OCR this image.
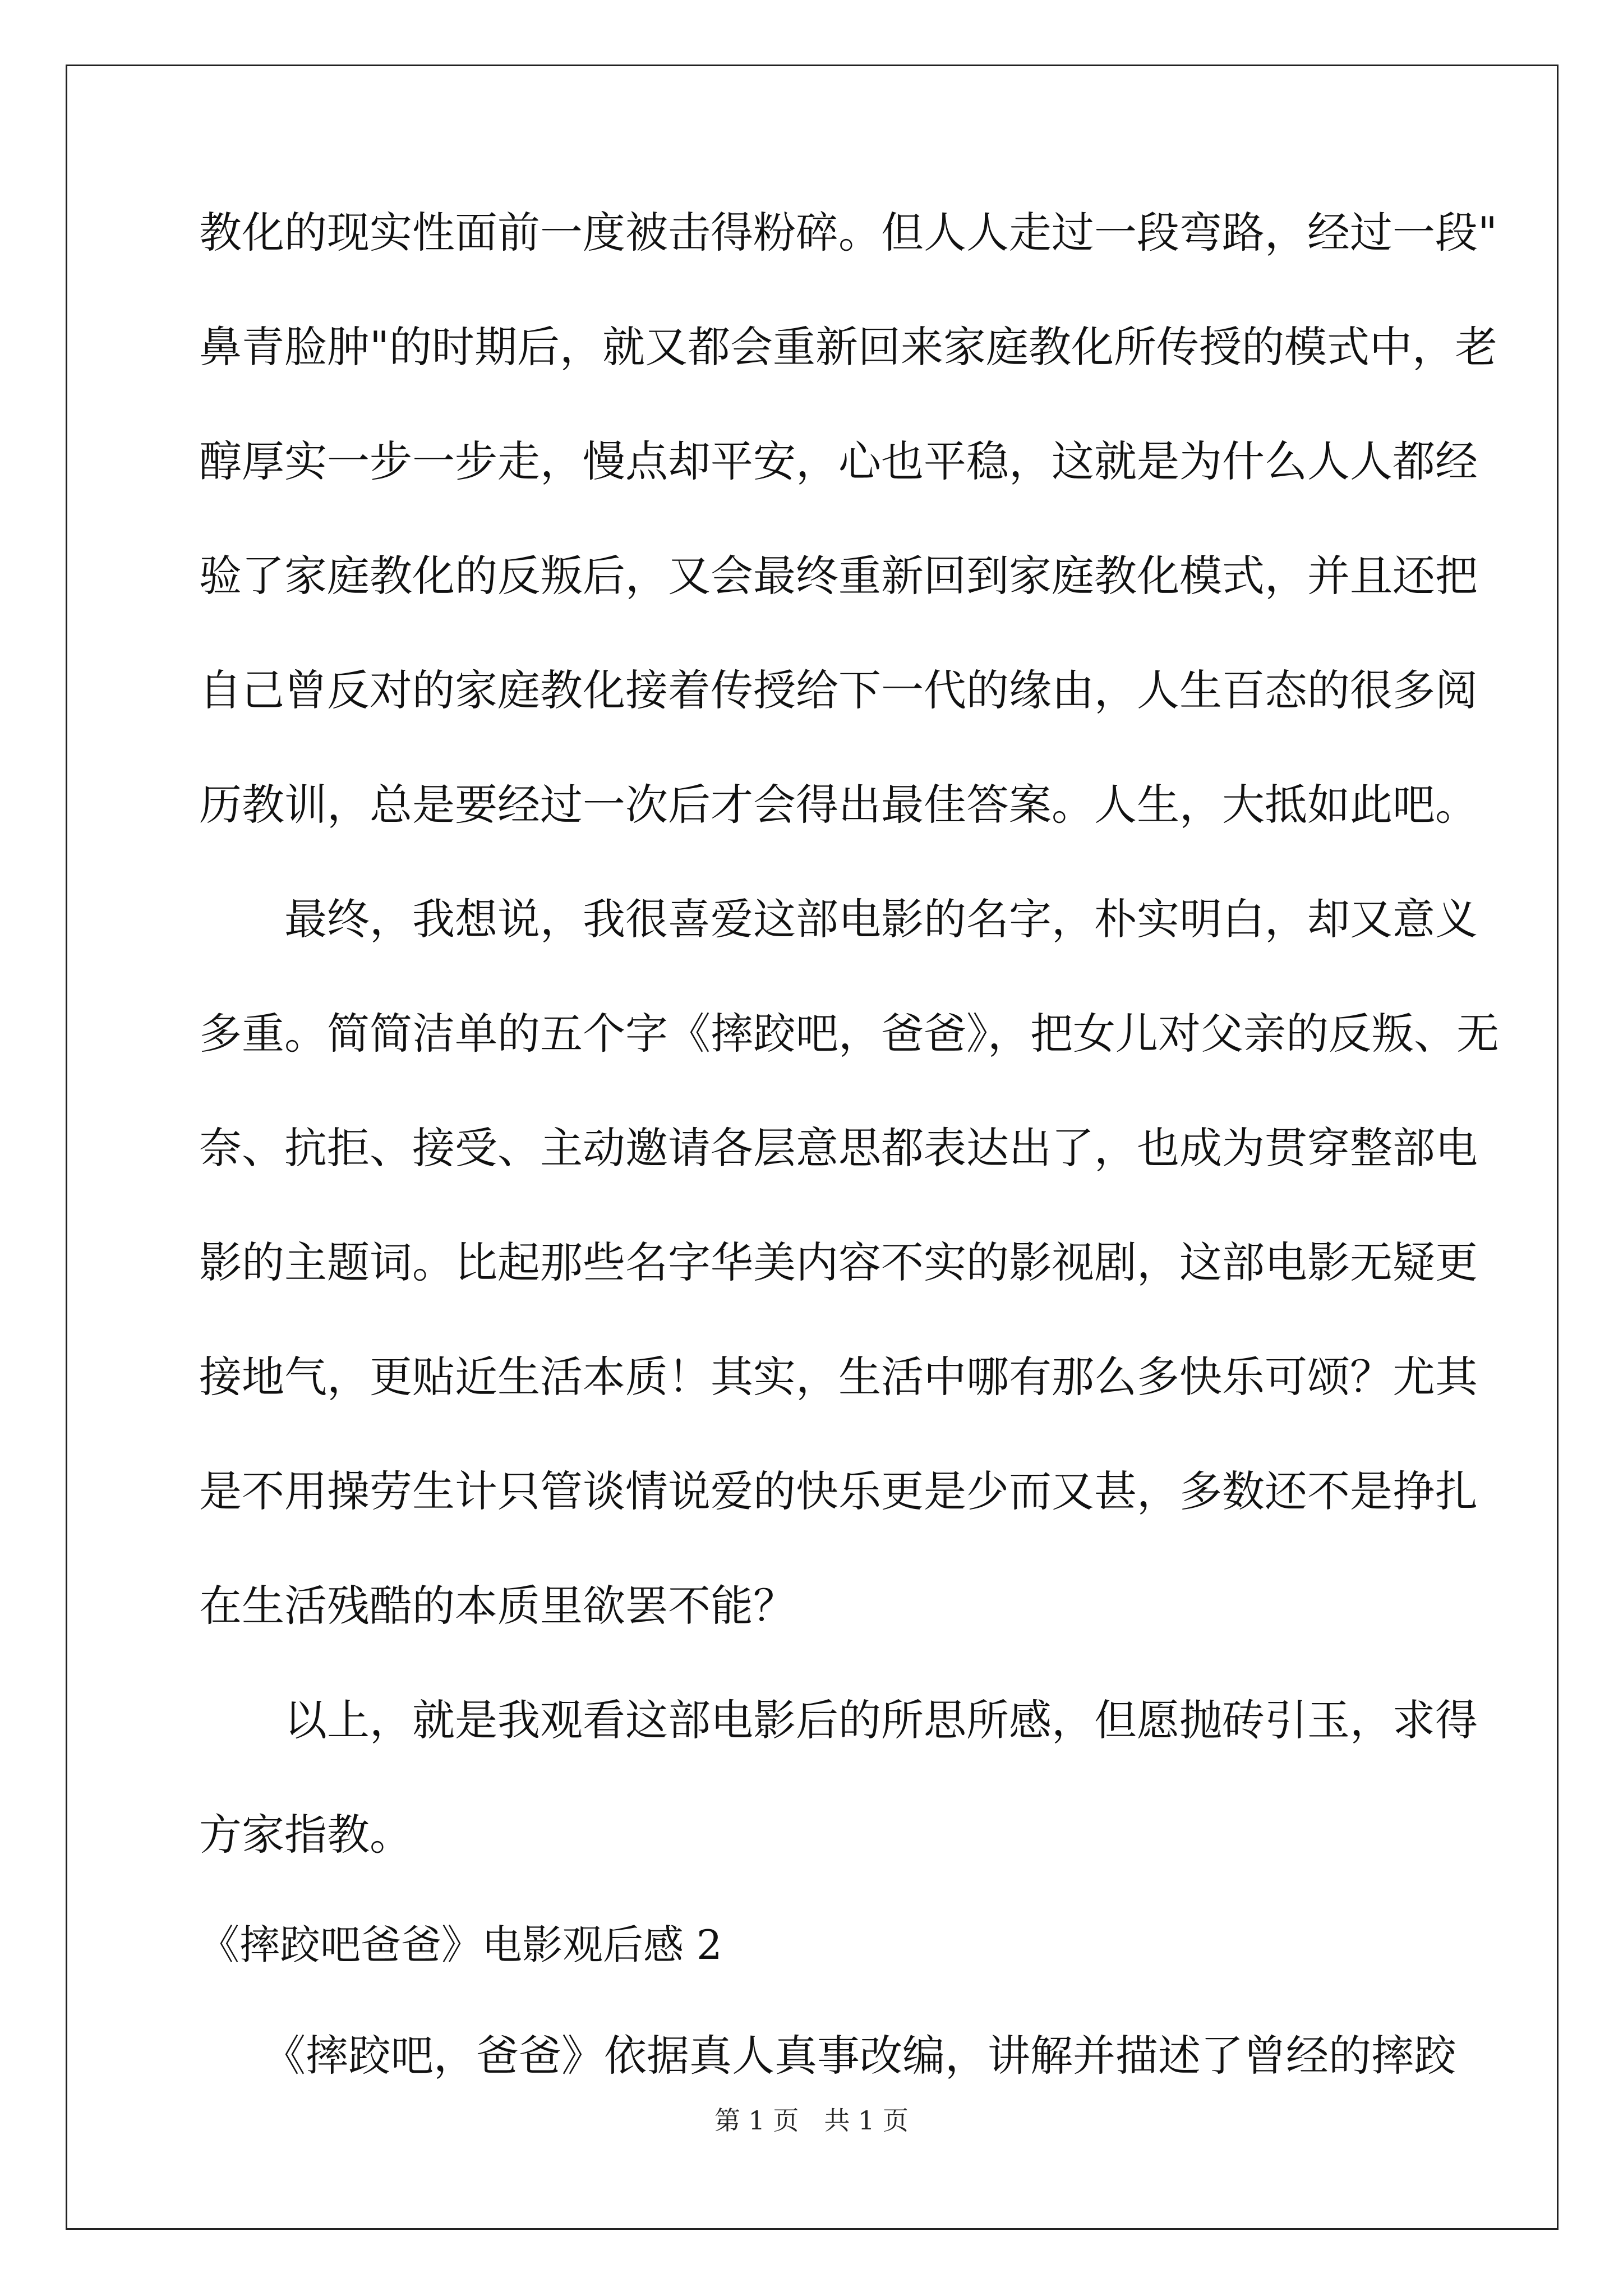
教化的现实性面前一度被击得粉碎。但人人走过一段弯路，经过一段"
鼻青脸肿"的时期后，就又都会重新回来家庭教化所传授的模式中，老
醇厚实一步一步走，慢点却平安，心也平稳，这就是为什么人人都经
验了家庭教化的反叛后，又会最终重新回到家庭教化模式，并且还把
自己曾反对的家庭教化接着传授给下一代的缘由，人生百态的很多阅
历教训，总是要经过一次后才会得出最佳答案。人生，大抵如此吧。
　　最终，我想说，我很喜爱这部电影的名字，朴实明白，却又意义
多重。简简洁单的五个字《摔跤吧，爸爸》，把女儿对父亲的反叛、无
奈、抗拒、接受、主动邀请各层意思都表达出了，也成为贯穿整部电
影的主题词。比起那些名字华美内容不实的影视剧，这部电影无疑更
接地气，更贴近生活本质！其实，生活中哪有那么多快乐可颂？尤其
是不用操劳生计只管谈情说爱的快乐更是少而又甚，多数还不是挣扎
在生活残酷的本质里欲罢不能？
　　以上，就是我观看这部电影后的所思所感，但愿抛砖引玉，求得
方家指教。
《摔跤吧爸爸》电影观后感 2
　　《摔跤吧，爸爸》依据真人真事改编，讲解并描述了曾经的摔跤
第 1 页 共 1 页
